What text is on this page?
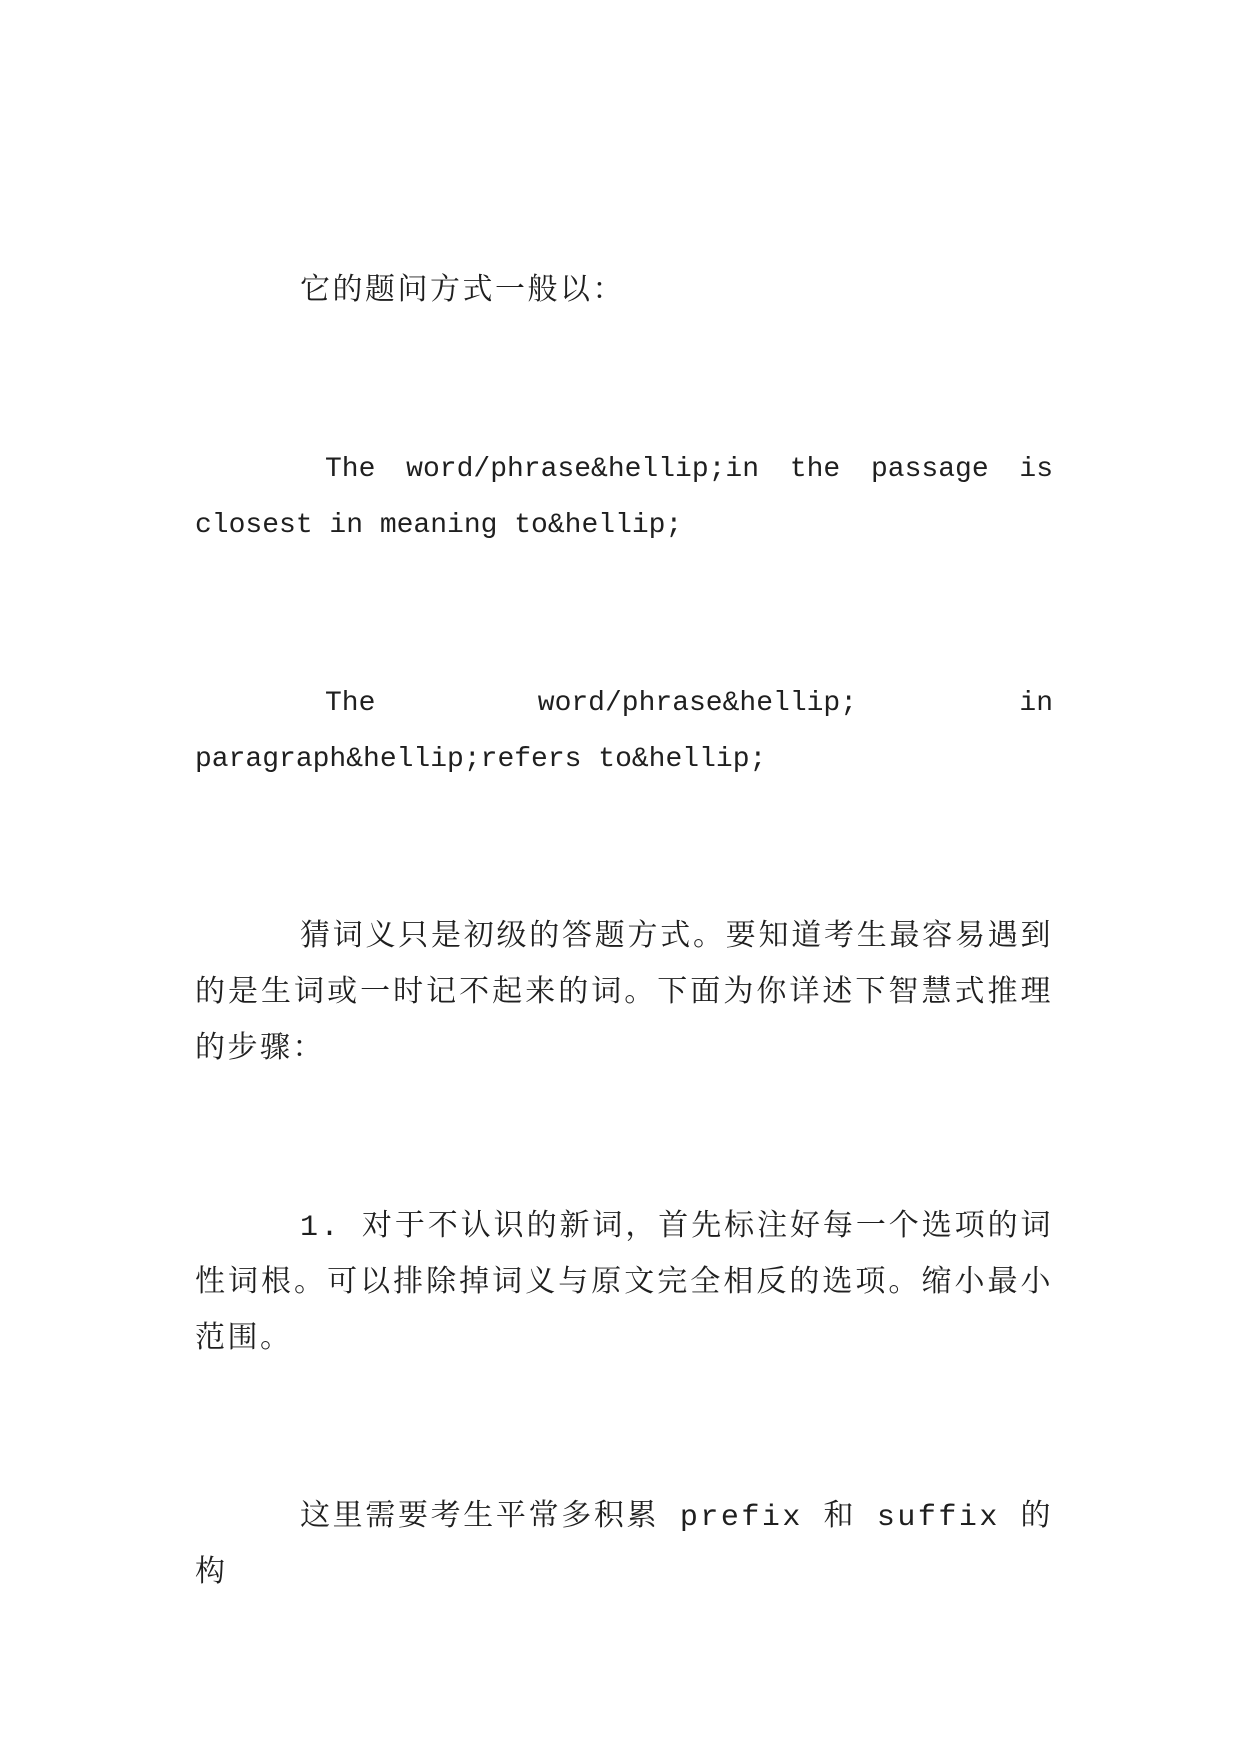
它的题问方式一般以：

The word/phrase&hellip;in the passage is closest in meaning to&hellip;

The word/phrase&hellip; in paragraph&hellip;refers to&hellip;

猜词义只是初级的答题方式。要知道考生最容易遇到的是生词或一时记不起来的词。下面为你详述下智慧式推理的步骤：

1. 对于不认识的新词，首先标注好每一个选项的词性词根。可以排除掉词义与原文完全相反的选项。缩小最小范围。

这里需要考生平常多积累 prefix 和 suffix 的构
